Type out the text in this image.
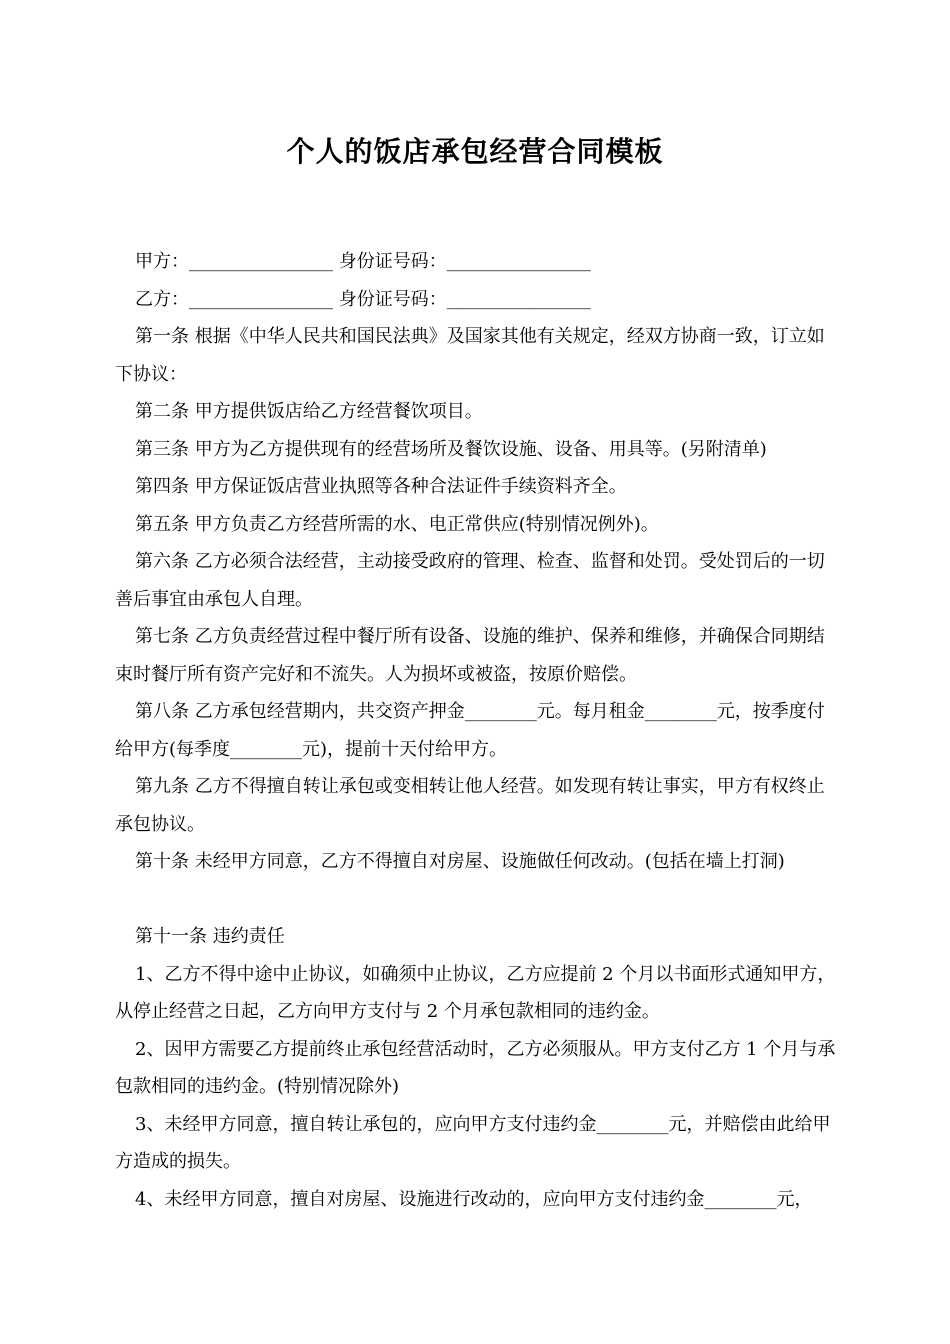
个人的饭店承包经营合同模板

甲方：________________ 身份证号码：________________

乙方：________________ 身份证号码：________________

第一条 根据《中华人民共和国民法典》及国家其他有关规定，经双方协商一致，订立如下协议：

第二条 甲方提供饭店给乙方经营餐饮项目。

第三条 甲方为乙方提供现有的经营场所及餐饮设施、设备、用具等。(另附清单)

第四条 甲方保证饭店营业执照等各种合法证件手续资料齐全。

第五条 甲方负责乙方经营所需的水、电正常供应(特别情况例外)。

第六条 乙方必须合法经营，主动接受政府的管理、检查、监督和处罚。受处罚后的一切善后事宜由承包人自理。

第七条 乙方负责经营过程中餐厅所有设备、设施的维护、保养和维修，并确保合同期结束时餐厅所有资产完好和不流失。人为损坏或被盗，按原价赔偿。

第八条 乙方承包经营期内，共交资产押金________元。每月租金________元，按季度付给甲方(每季度________元)，提前十天付给甲方。

第九条 乙方不得擅自转让承包或变相转让他人经营。如发现有转让事实，甲方有权终止承包协议。

第十条 未经甲方同意，乙方不得擅自对房屋、设施做任何改动。(包括在墙上打洞)

第十一条 违约责任

1、乙方不得中途中止协议，如确须中止协议，乙方应提前 2 个月以书面形式通知甲方，从停止经营之日起，乙方向甲方支付与 2 个月承包款相同的违约金。

2、因甲方需要乙方提前终止承包经营活动时，乙方必须服从。甲方支付乙方 1 个月与承包款相同的违约金。(特别情况除外)

3、未经甲方同意，擅自转让承包的，应向甲方支付违约金________元，并赔偿由此给甲方造成的损失。

4、未经甲方同意，擅自对房屋、设施进行改动的，应向甲方支付违约金________元，
